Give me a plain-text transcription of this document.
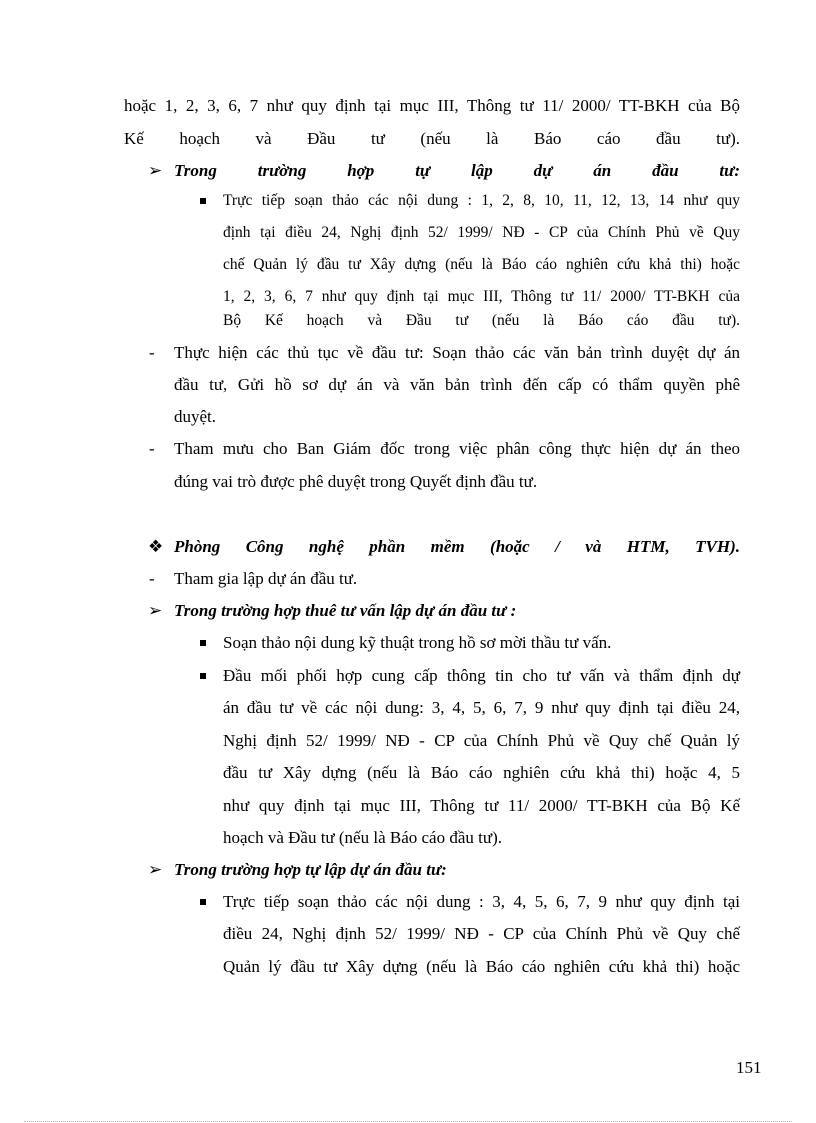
hoặc 1, 2, 3, 6, 7 như quy định tại mục III, Thông tư 11/ 2000/ TT-BKH của Bộ
Kế hoạch và Đầu tư (nếu là Báo cáo đầu tư).
➢ Trong trường hợp tự lập dự án đầu tư:
Trực tiếp soạn thảo các nội dung : 1, 2, 8, 10, 11, 12, 13, 14 như quy
định tại điều 24, Nghị định 52/ 1999/ NĐ - CP của Chính Phủ về Quy
chế Quản lý đầu tư Xây dựng (nếu là Báo cáo nghiên cứu khả thi) hoặc
1, 2, 3, 6, 7 như quy định tại mục III, Thông tư 11/ 2000/ TT-BKH của
Bộ Kế hoạch và Đầu tư (nếu là Báo cáo đầu tư).
- Thực hiện các thủ tục về đầu tư: Soạn thảo các văn bản trình duyệt dự án
đầu tư, Gửi hồ sơ dự án và văn bản trình đến cấp có thẩm quyền phê
duyệt.
- Tham mưu cho Ban Giám đốc trong việc phân công thực hiện dự án theo
đúng vai trò được phê duyệt trong Quyết định đầu tư.
❖ Phòng Công nghệ phần mềm (hoặc / và HTM, TVH).
- Tham gia lập dự án đầu tư.
➢ Trong trường hợp thuê tư vấn lập dự án đầu tư :
Soạn thảo nội dung kỹ thuật trong hồ sơ mời thầu tư vấn.
Đầu mối phối hợp cung cấp thông tin cho tư vấn và thẩm định dự
án đầu tư về các nội dung: 3, 4, 5, 6, 7, 9 như quy định tại điều 24,
Nghị định 52/ 1999/ NĐ - CP của Chính Phủ về Quy chế Quản lý
đầu tư Xây dựng (nếu là Báo cáo nghiên cứu khả thi) hoặc 4, 5
như quy định tại mục III, Thông tư 11/ 2000/ TT-BKH của Bộ Kế
hoạch và Đầu tư (nếu là Báo cáo đầu tư).
➢ Trong trường hợp tự lập dự án đầu tư:
Trực tiếp soạn thảo các nội dung : 3, 4, 5, 6, 7, 9 như quy định tại
điều 24, Nghị định 52/ 1999/ NĐ - CP của Chính Phủ về Quy chế
Quản lý đầu tư Xây dựng (nếu là Báo cáo nghiên cứu khả thi) hoặc
151
